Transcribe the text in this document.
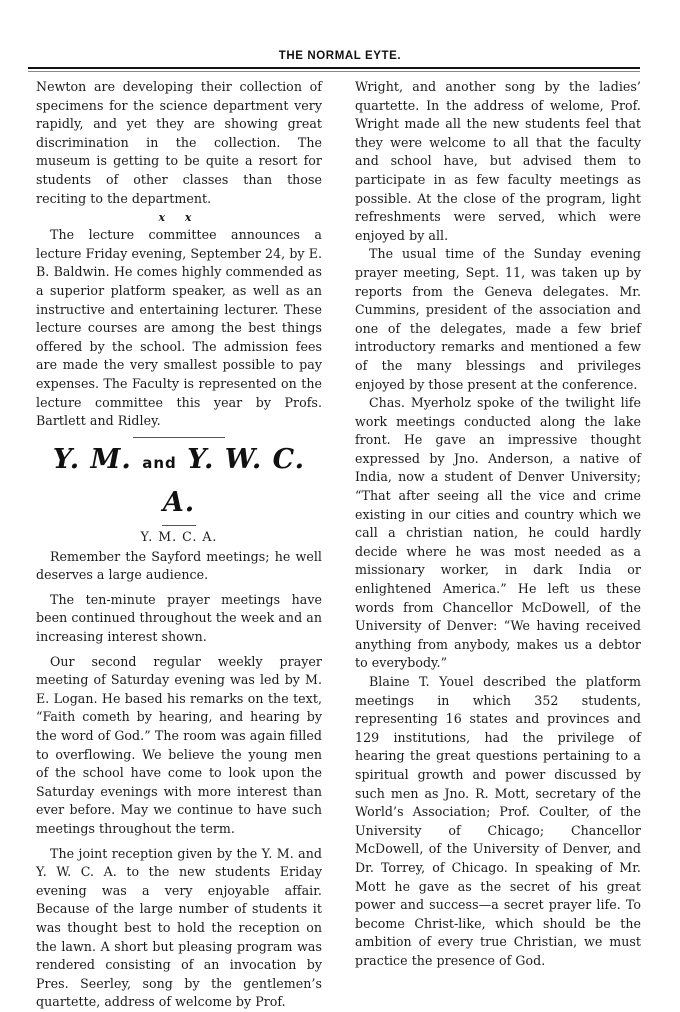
THE NORMAL EYTE.

Newton are developing their collection of specimens for the science department very rapidly, and yet they are showing great discrimination in the collection. The museum is getting to be quite a resort for students of other classes than those reciting to the department.

x x

The lecture committee announces a lecture Friday evening, September 24, by E. B. Baldwin. He comes highly commended as a superior platform speaker, as well as an instructive and entertaining lecturer. These lecture courses are among the best things offered by the school. The admission fees are made the very smallest possible to pay expenses. The Faculty is represented on the lecture committee this year by Profs. Bartlett and Ridley.

Y. M. and Y. W. C. A.
Y. M. C. A.

Remember the Sayford meetings; he well deserves a large audience.

The ten-minute prayer meetings have been continued throughout the week and an increasing interest shown.

Our second regular weekly prayer meeting of Saturday evening was led by M. E. Logan. He based his remarks on the text, “Faith cometh by hearing, and hearing by the word of God.” The room was again filled to overflowing. We believe the young men of the school have come to look upon the Saturday evenings with more interest than ever before. May we continue to have such meetings throughout the term.

The joint reception given by the Y. M. and Y. W. C. A. to the new students Eriday evening was a very enjoyable affair. Because of the large number of students it was thought best to hold the reception on the lawn. A short but pleasing program was rendered consisting of an invocation by Pres. Seerley, song by the gentlemen’s quartette, address of welcome by Prof.

Wright, and another song by the ladies’ quartette. In the address of welome, Prof. Wright made all the new students feel that they were welcome to all that the faculty and school have, but advised them to participate in as few faculty meetings as possible. At the close of the program, light refreshments were served, which were enjoyed by all.

The usual time of the Sunday evening prayer meeting, Sept. 11, was taken up by reports from the Geneva delegates. Mr. Cummins, president of the association and one of the delegates, made a few brief introductory remarks and mentioned a few of the many blessings and privileges enjoyed by those present at the conference.

Chas. Myerholz spoke of the twilight life work meetings conducted along the lake front. He gave an impressive thought expressed by Jno. Anderson, a native of India, now a student of Denver University; “That after seeing all the vice and crime existing in our cities and country which we call a christian nation, he could hardly decide where he was most needed as a missionary worker, in dark India or enlightened America.” He left us these words from Chancellor McDowell, of the University of Denver: “We having received anything from anybody, makes us a debtor to everybody.”

Blaine T. Youel described the platform meetings in which 352 students, representing 16 states and provinces and 129 institutions, had the privilege of hearing the great questions pertaining to a spiritual growth and power discussed by such men as Jno. R. Mott, secretary of the World’s Association; Prof. Coulter, of the University of Chicago; Chancellor McDowell, of the University of Denver, and Dr. Torrey, of Chicago. In speaking of Mr. Mott he gave as the secret of his great power and success—a secret prayer life. To become Christ-like, which should be the ambition of every true Christian, we must practice the presence of God.
